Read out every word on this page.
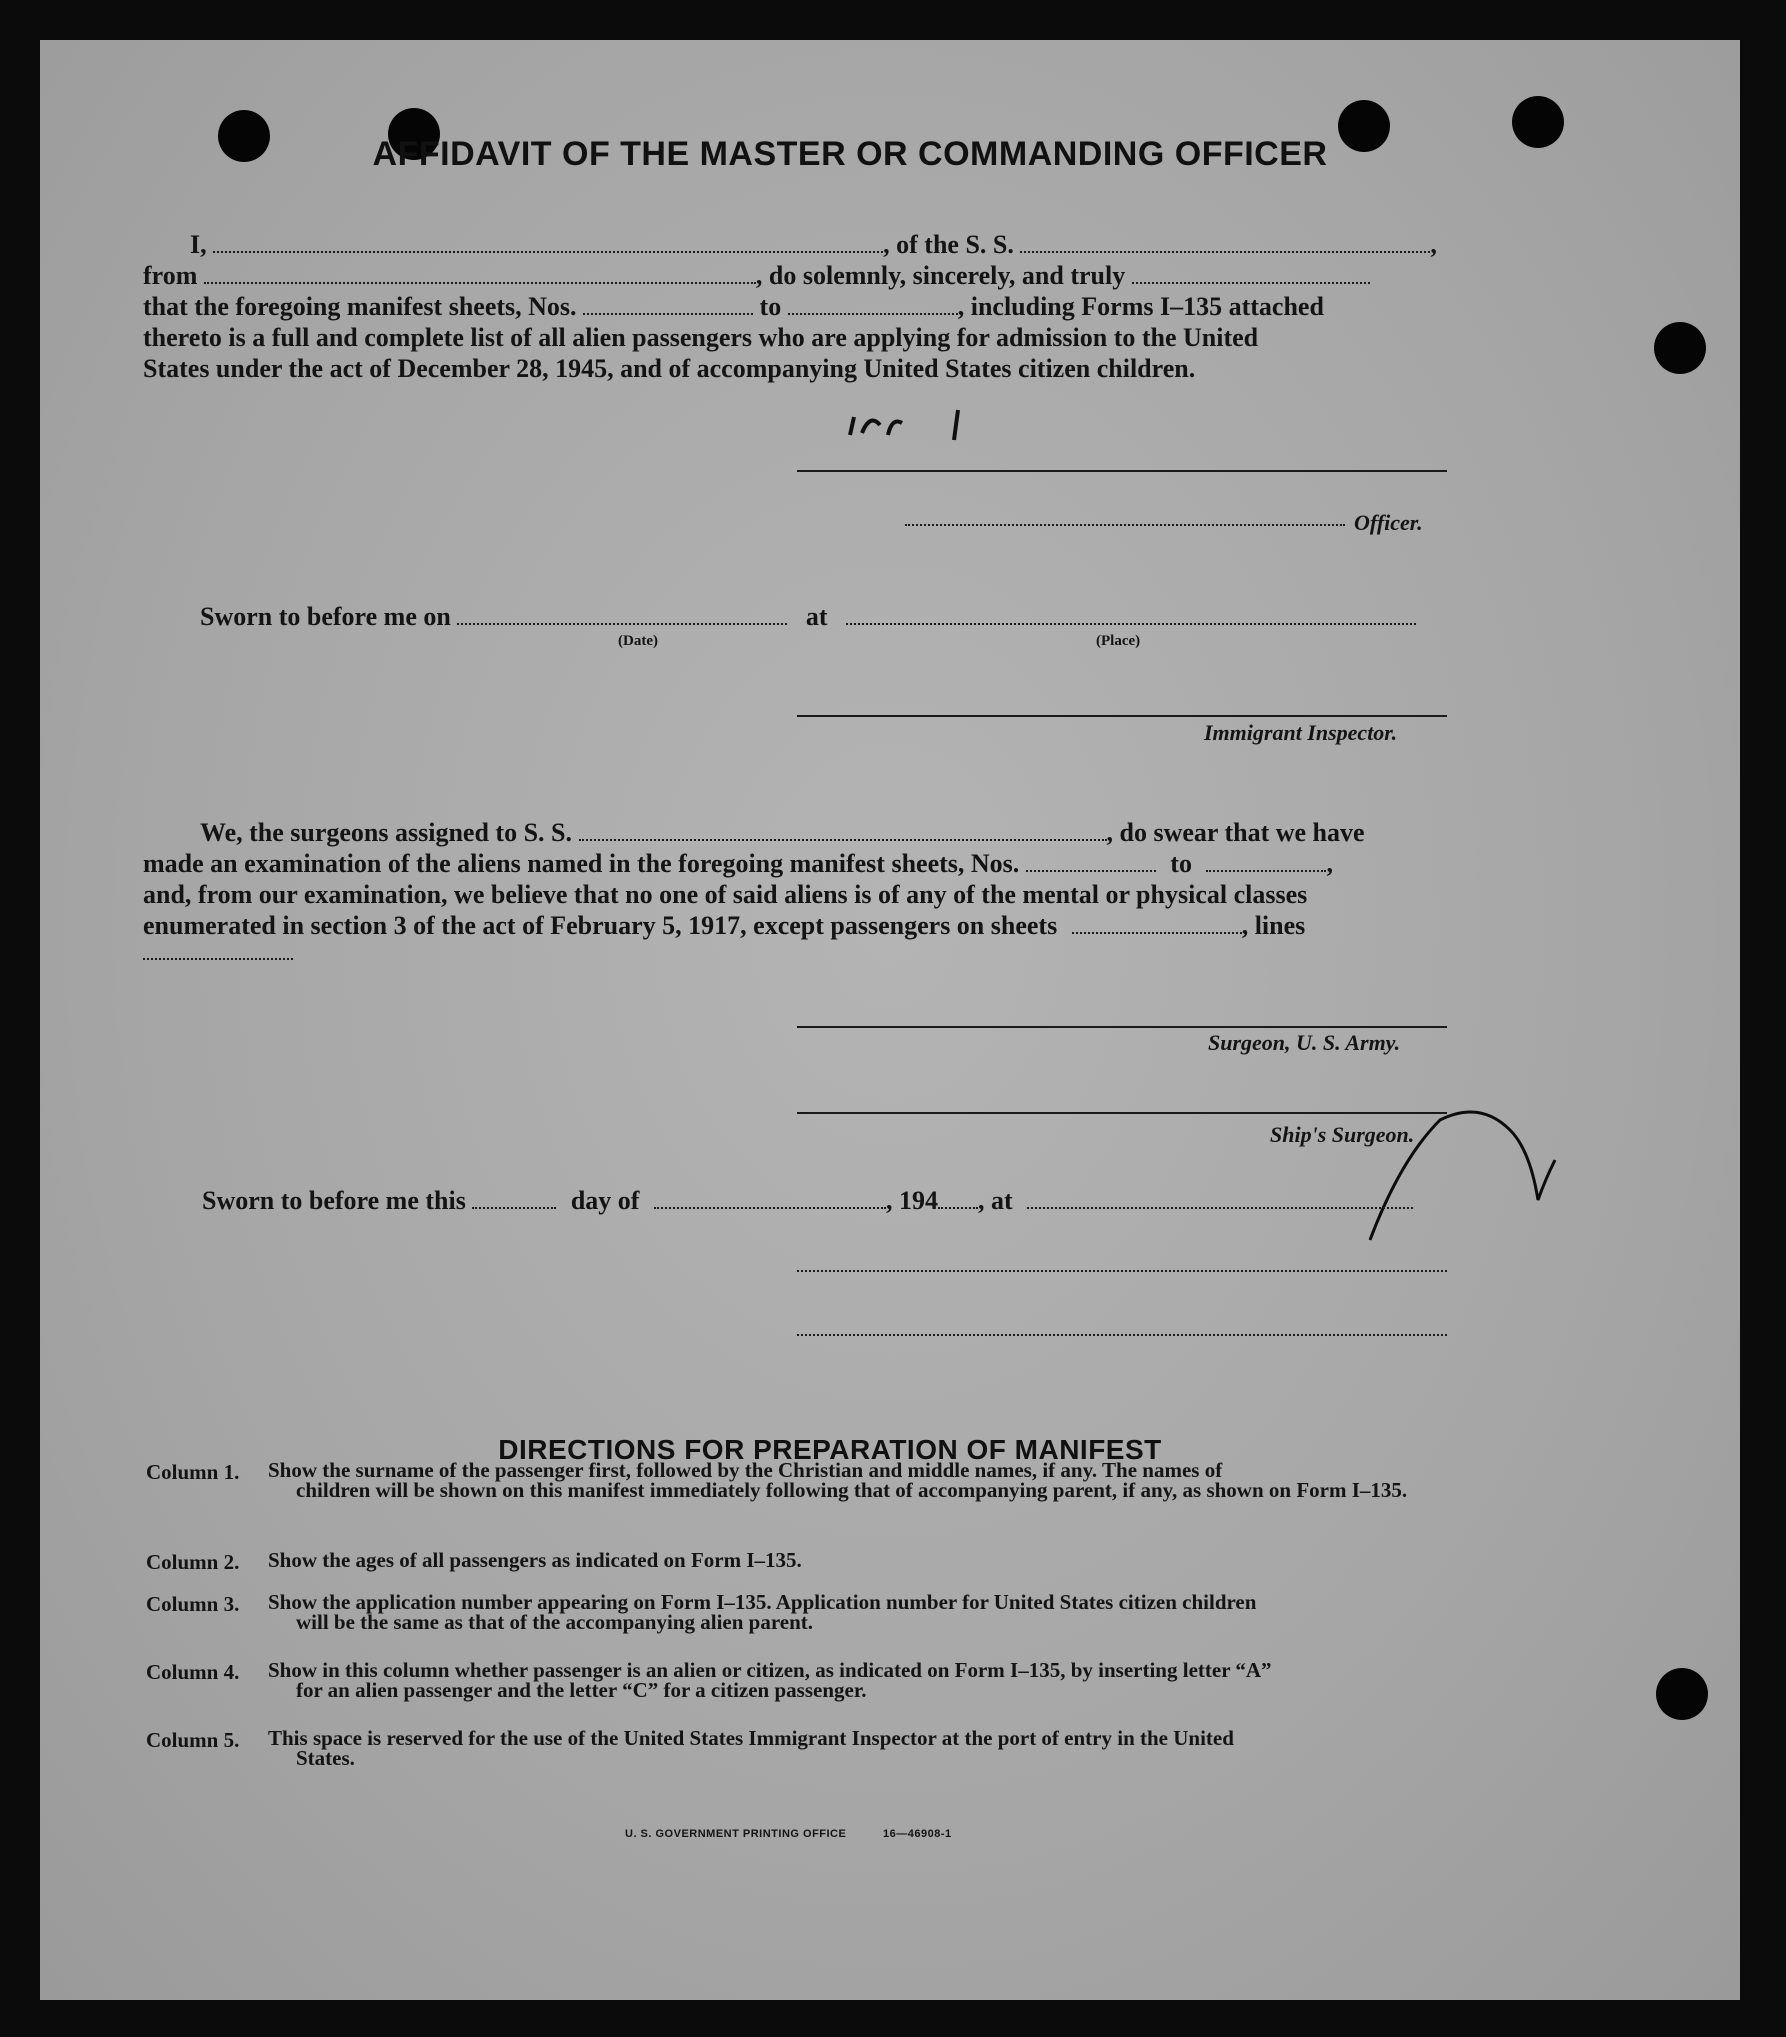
AFFIDAVIT OF THE MASTER OR COMMANDING OFFICER
I,	, of the S. S.	,
from	, do solemnly, sincerely, and truly
that the foregoing manifest sheets, Nos.	to	, including Forms I–135 attached
thereto is a full and complete list of all alien passengers who are applying for admission to the United
States under the act of December 28, 1945, and of accompanying United States citizen children.
Officer.
Sworn to before me on	at
(Date)	(Place)
Immigrant Inspector.
We, the surgeons assigned to S. S.	, do swear that we have
made an examination of the aliens named in the foregoing manifest sheets, Nos.	to	,
and, from our examination, we believe that no one of said aliens is of any of the mental or physical classes
enumerated in section 3 of the act of February 5, 1917, except passengers on sheets	, lines
Surgeon, U. S. Army.
Ship's Surgeon.
Sworn to before me this	day of	, 194 , at
DIRECTIONS FOR PREPARATION OF MANIFEST
Column 1. Show the surname of the passenger first, followed by the Christian and middle names, if any. The names of
children will be shown on this manifest immediately following that of accompanying parent, if any, as shown on Form I–135.
Column 2. Show the ages of all passengers as indicated on Form I–135.
Column 3. Show the application number appearing on Form I–135. Application number for United States citizen children
will be the same as that of the accompanying alien parent.
Column 4. Show in this column whether passenger is an alien or citizen, as indicated on Form I–135, by inserting letter “A”
for an alien passenger and the letter “C” for a citizen passenger.
Column 5. This space is reserved for the use of the United States Immigrant Inspector at the port of entry in the United
States.
U. S. GOVERNMENT PRINTING OFFICE	16—46908-1
